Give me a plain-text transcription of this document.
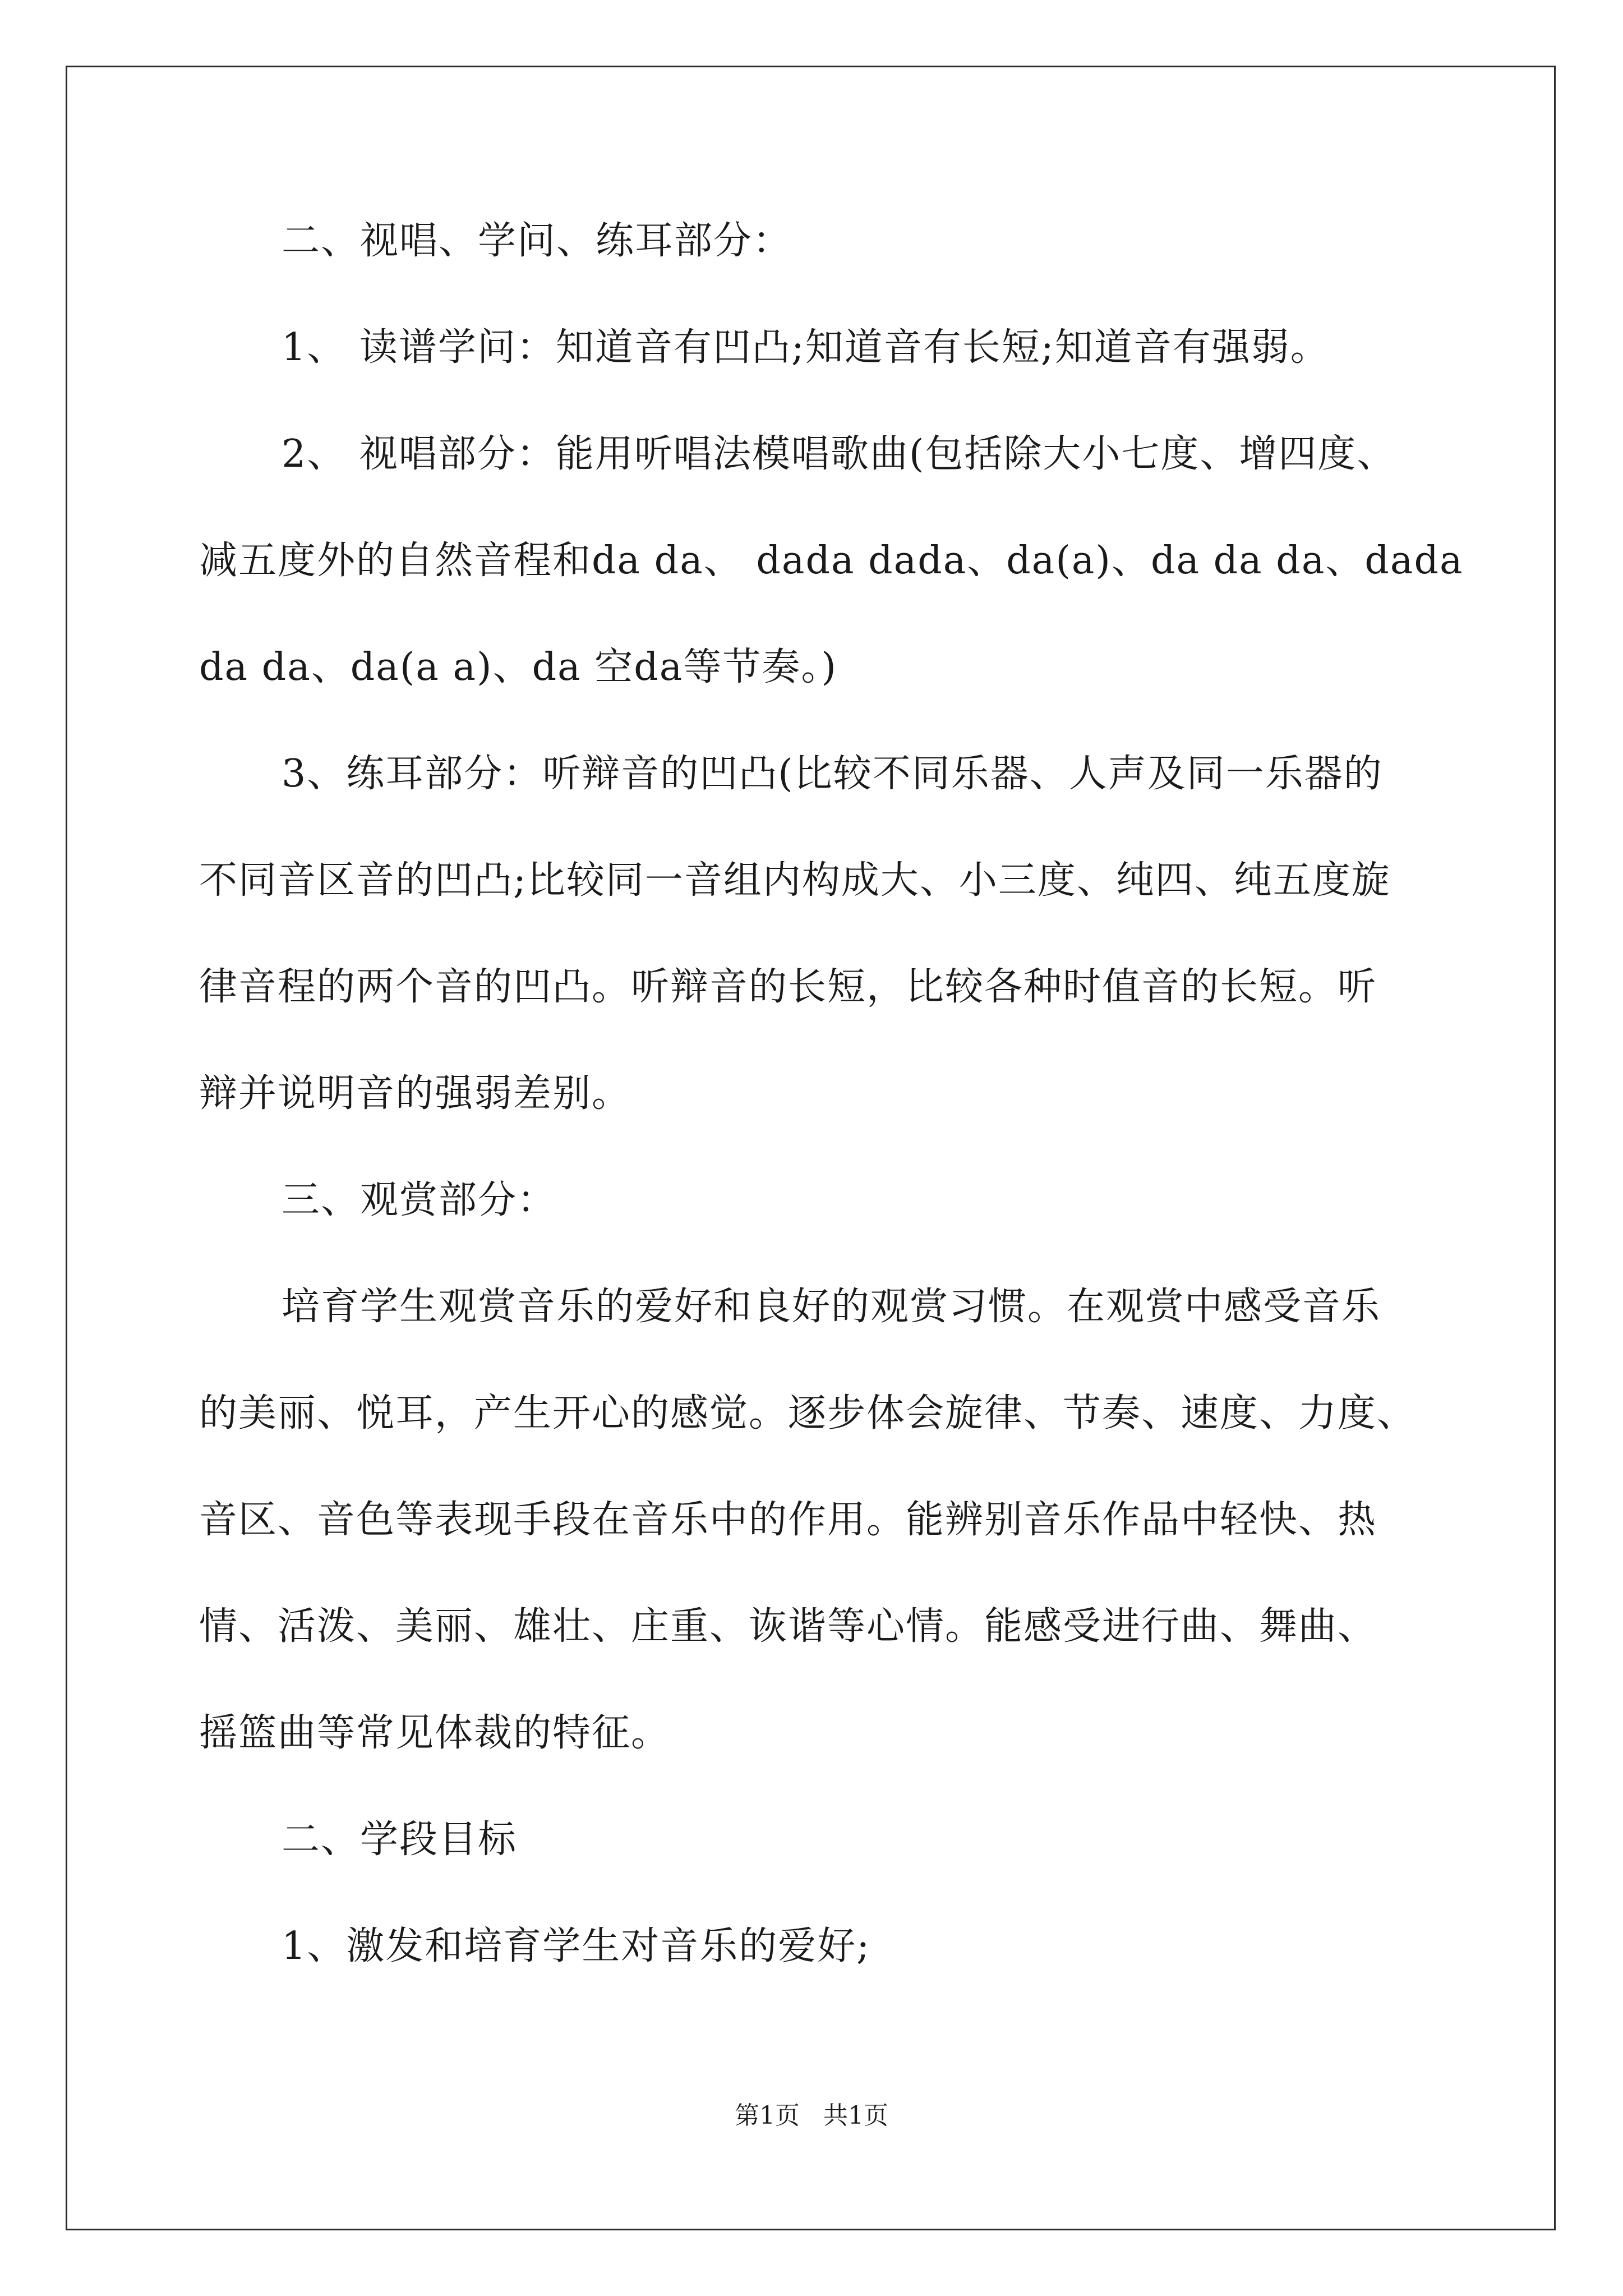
二、视唱、学问、练耳部分：
1、 读谱学问：知道音有凹凸;知道音有长短;知道音有强弱。
2、 视唱部分：能用听唱法模唱歌曲(包括除大小七度、增四度、
减五度外的自然音程和da da、 dada dada、da(a)、da da da、dada
da da、da(a a)、da 空da等节奏。)
3、练耳部分：听辩音的凹凸(比较不同乐器、人声及同一乐器的
不同音区音的凹凸;比较同一音组内构成大、小三度、纯四、纯五度旋
律音程的两个音的凹凸。听辩音的长短，比较各种时值音的长短。听
辩并说明音的强弱差别。
三、观赏部分：
培育学生观赏音乐的爱好和良好的观赏习惯。在观赏中感受音乐
的美丽、悦耳，产生开心的感觉。逐步体会旋律、节奏、速度、力度、
音区、音色等表现手段在音乐中的作用。能辨别音乐作品中轻快、热
情、活泼、美丽、雄壮、庄重、诙谐等心情。能感受进行曲、舞曲、
摇篮曲等常见体裁的特征。
二、学段目标
1、激发和培育学生对音乐的爱好;
第1页 共1页
